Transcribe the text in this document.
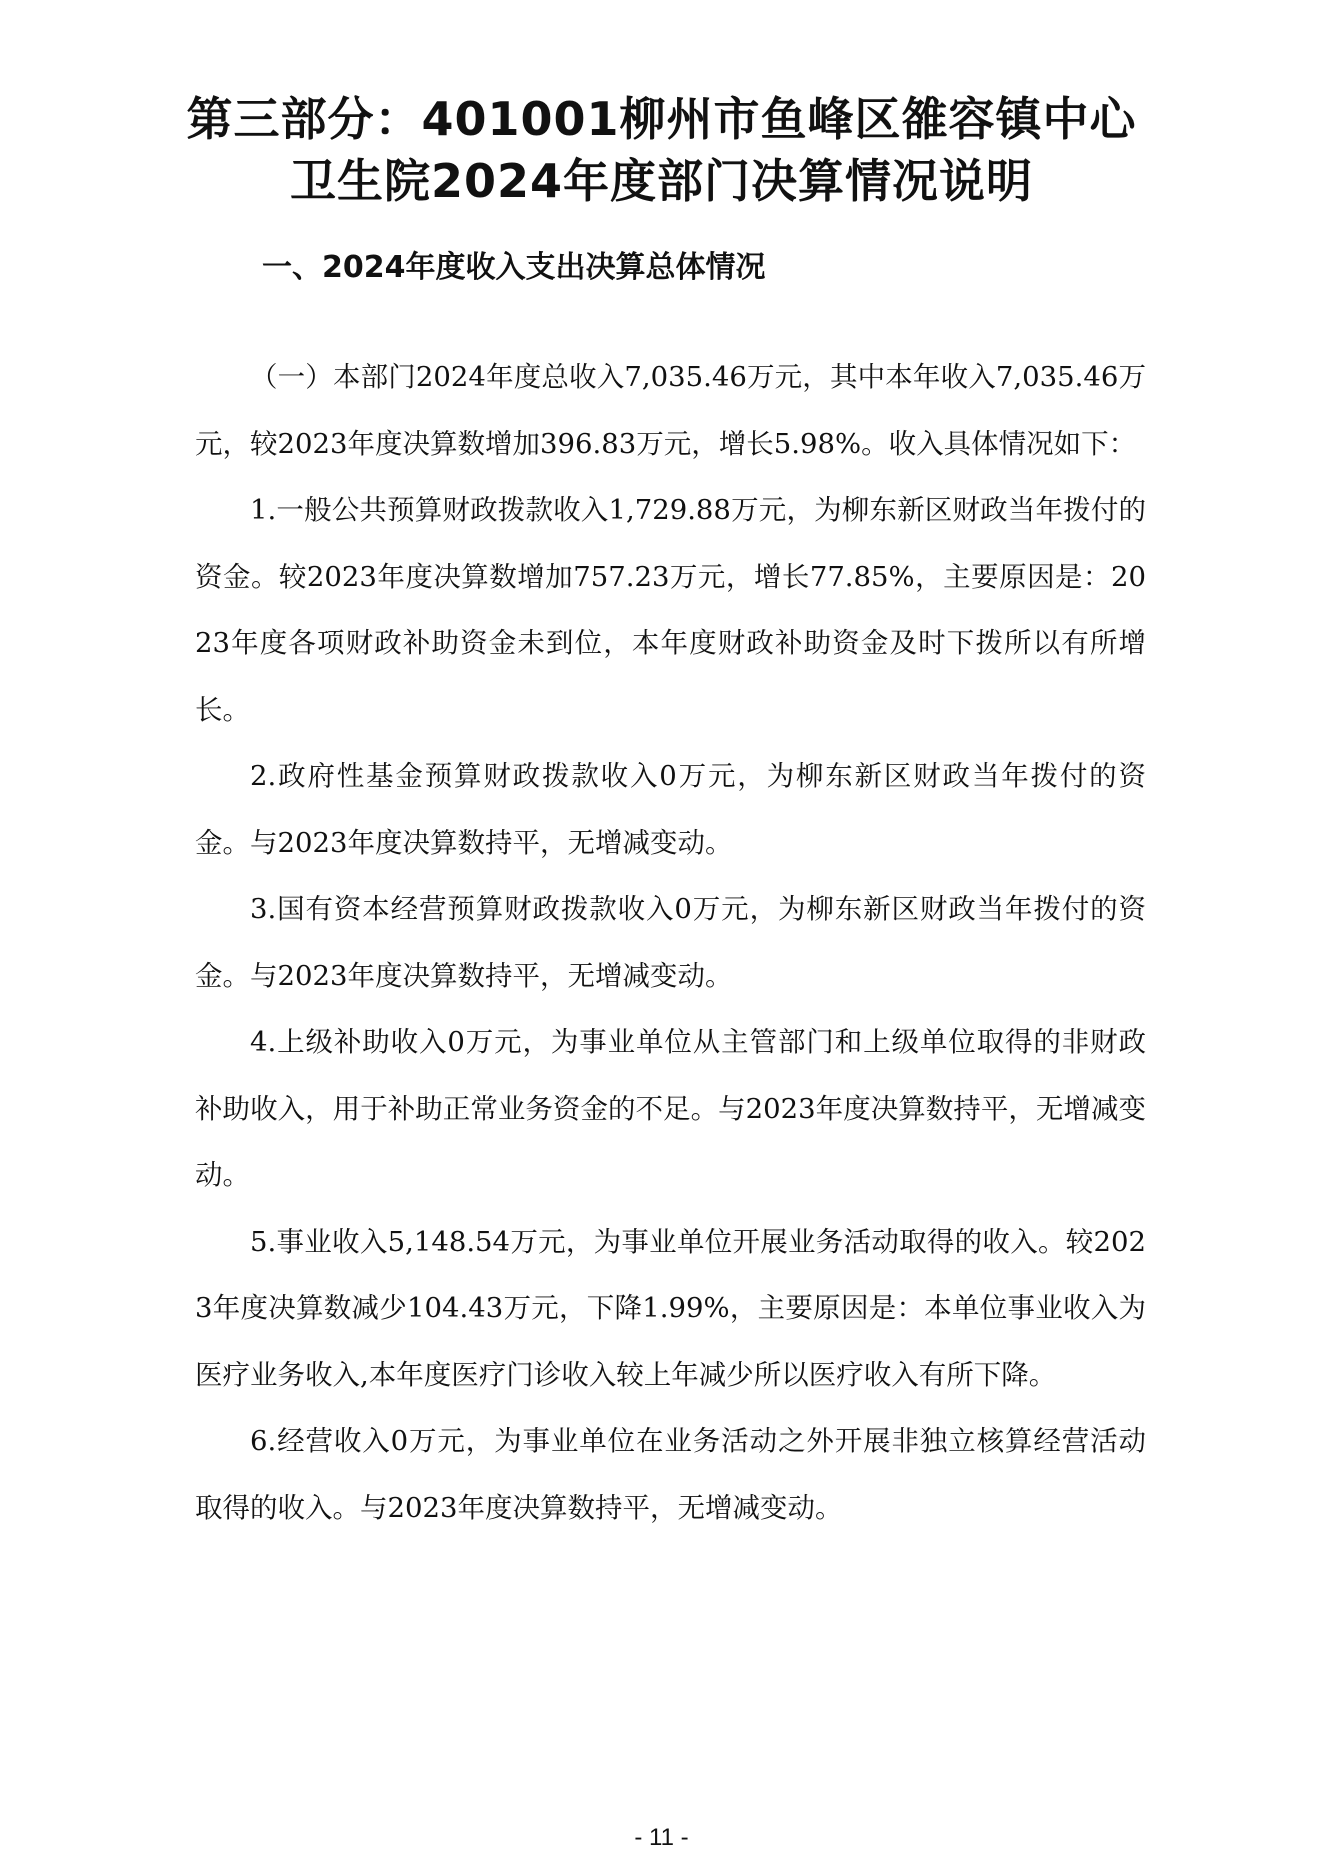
第三部分：401001柳州市鱼峰区雒容镇中心
卫生院2024年度部门决算情况说明
一、2024年度收入支出决算总体情况

（一）本部门2024年度总收入7,035.46万元，其中本年收入7,035.46万元，较2023年度决算数增加396.83万元，增长5.98%。收入具体情况如下：

1.一般公共预算财政拨款收入1,729.88万元，为柳东新区财政当年拨付的资金。较2023年度决算数增加757.23万元，增长77.85%，主要原因是：2023年度各项财政补助资金未到位，本年度财政补助资金及时下拨所以有所增长。

2.政府性基金预算财政拨款收入0万元，为柳东新区财政当年拨付的资金。与2023年度决算数持平，无增减变动。

3.国有资本经营预算财政拨款收入0万元，为柳东新区财政当年拨付的资金。与2023年度决算数持平，无增减变动。

4.上级补助收入0万元，为事业单位从主管部门和上级单位取得的非财政补助收入，用于补助正常业务资金的不足。与2023年度决算数持平，无增减变动。

5.事业收入5,148.54万元，为事业单位开展业务活动取得的收入。较2023年度决算数减少104.43万元，下降1.99%，主要原因是：本单位事业收入为医疗业务收入,本年度医疗门诊收入较上年减少所以医疗收入有所下降。

6.经营收入0万元，为事业单位在业务活动之外开展非独立核算经营活动取得的收入。与2023年度决算数持平，无增减变动。

- 11 -
